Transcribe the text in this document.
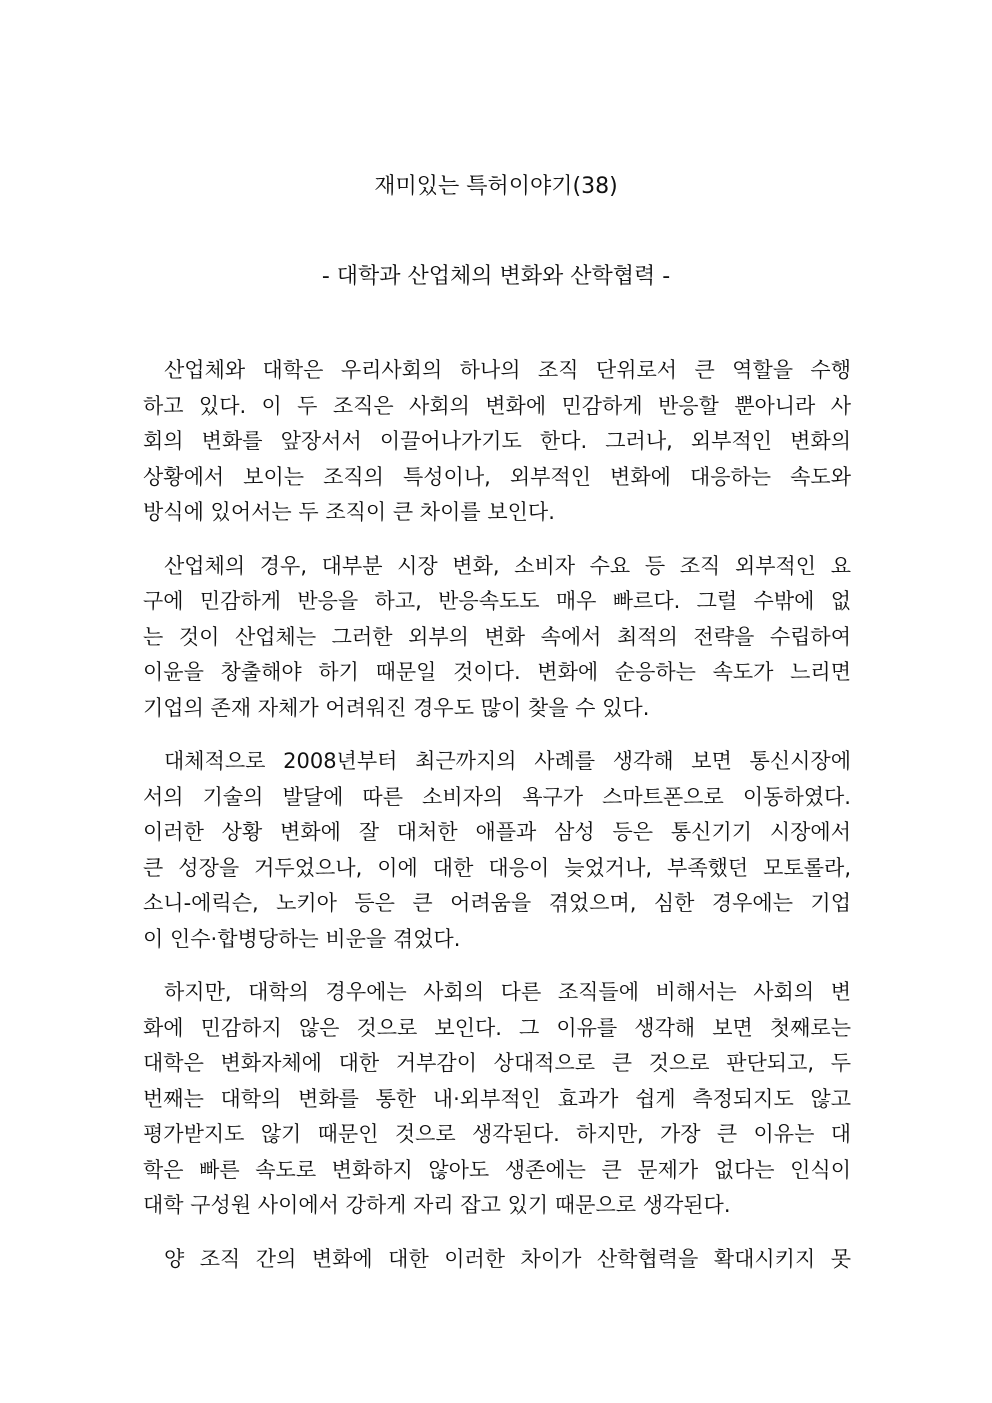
재미있는 특허이야기(38)
- 대학과 산업체의 변화와 산학협력 -

산업체와 대학은 우리사회의 하나의 조직 단위로서 큰 역할을 수행
하고 있다. 이 두 조직은 사회의 변화에 민감하게 반응할 뿐아니라 사
회의 변화를 앞장서서 이끌어나가기도 한다. 그러나, 외부적인 변화의
상황에서 보이는 조직의 특성이나, 외부적인 변화에 대응하는 속도와
방식에 있어서는 두 조직이 큰 차이를 보인다.

산업체의 경우, 대부분 시장 변화, 소비자 수요 등 조직 외부적인 요
구에 민감하게 반응을 하고, 반응속도도 매우 빠르다. 그럴 수밖에 없
는 것이 산업체는 그러한 외부의 변화 속에서 최적의 전략을 수립하여
이윤을 창출해야 하기 때문일 것이다. 변화에 순응하는 속도가 느리면
기업의 존재 자체가 어려워진 경우도 많이 찾을 수 있다.

대체적으로 2008년부터 최근까지의 사례를 생각해 보면 통신시장에
서의 기술의 발달에 따른 소비자의 욕구가 스마트폰으로 이동하였다.
이러한 상황 변화에 잘 대처한 애플과 삼성 등은 통신기기 시장에서
큰 성장을 거두었으나, 이에 대한 대응이 늦었거나, 부족했던 모토롤라,
소니-에릭슨, 노키아 등은 큰 어려움을 겪었으며, 심한 경우에는 기업
이 인수·합병당하는 비운을 겪었다.

하지만, 대학의 경우에는 사회의 다른 조직들에 비해서는 사회의 변
화에 민감하지 않은 것으로 보인다. 그 이유를 생각해 보면 첫째로는
대학은 변화자체에 대한 거부감이 상대적으로 큰 것으로 판단되고, 두
번째는 대학의 변화를 통한 내·외부적인 효과가 쉽게 측정되지도 않고
평가받지도 않기 때문인 것으로 생각된다. 하지만, 가장 큰 이유는 대
학은 빠른 속도로 변화하지 않아도 생존에는 큰 문제가 없다는 인식이
대학 구성원 사이에서 강하게 자리 잡고 있기 때문으로 생각된다.

양 조직 간의 변화에 대한 이러한 차이가 산학협력을 확대시키지 못
